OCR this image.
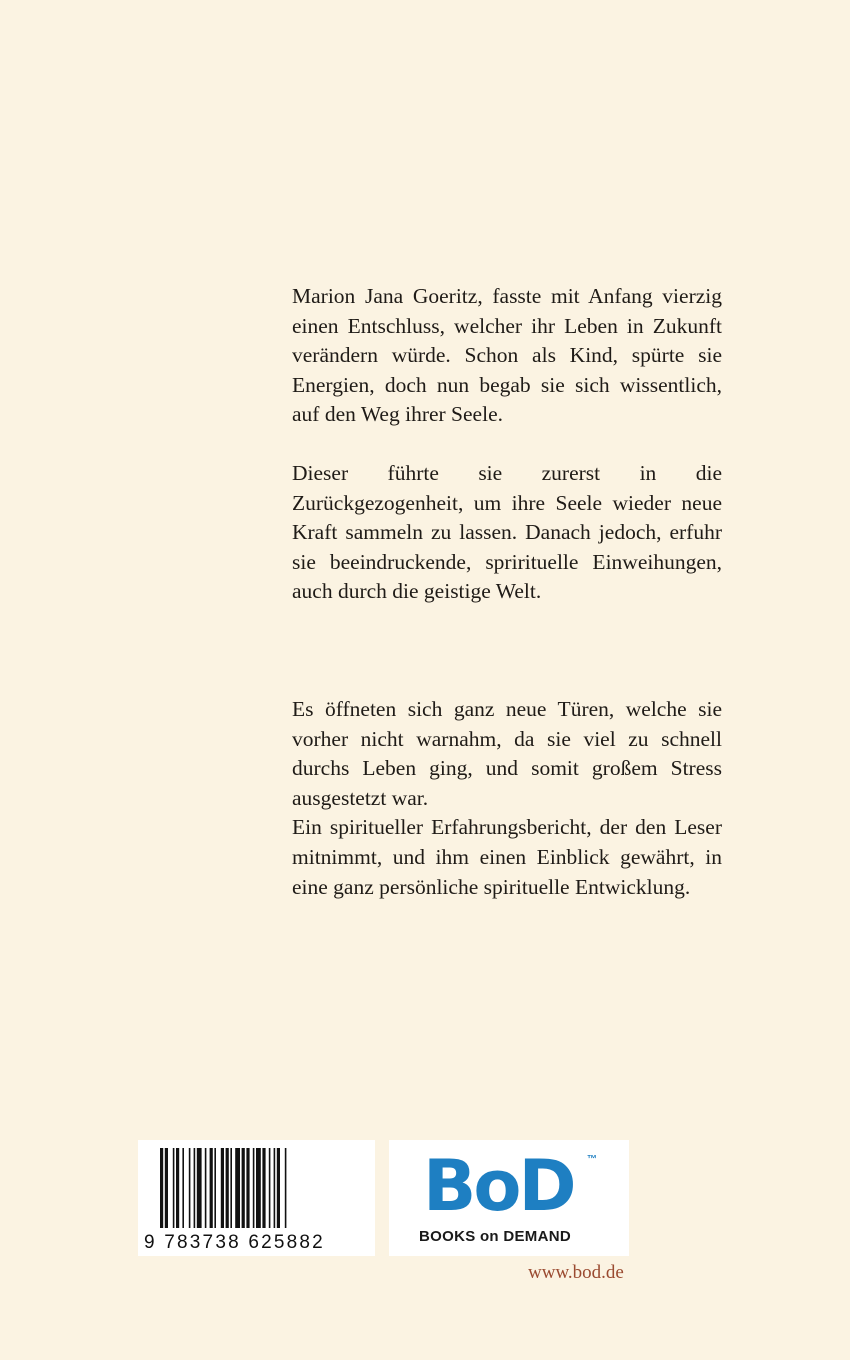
Marion Jana Goeritz, fasste mit Anfang vierzig einen Entschluss, welcher ihr Leben in Zukunft verändern würde. Schon als Kind, spürte sie Energien, doch nun begab sie sich wissentlich, auf den Weg ihrer Seele.

Dieser führte sie zurerst in die Zurückgezogenheit, um ihre Seele wieder neue Kraft sammeln zu lassen. Danach jedoch, erfuhr sie beeindruckende, sprirituelle Einweihungen, auch durch die geistige Welt.

Es öffneten sich ganz neue Türen, welche sie vorher nicht warnahm, da sie viel zu schnell durchs Leben ging, und somit großem Stress ausgestetzt war.

Ein spiritueller Erfahrungsbericht, der den Leser mitnimmt, und ihm einen Einblick gewährt, in eine ganz persönliche spirituelle Entwicklung.

9 783738 625882
BoD ™
BOOKS on DEMAND
www.bod.de
